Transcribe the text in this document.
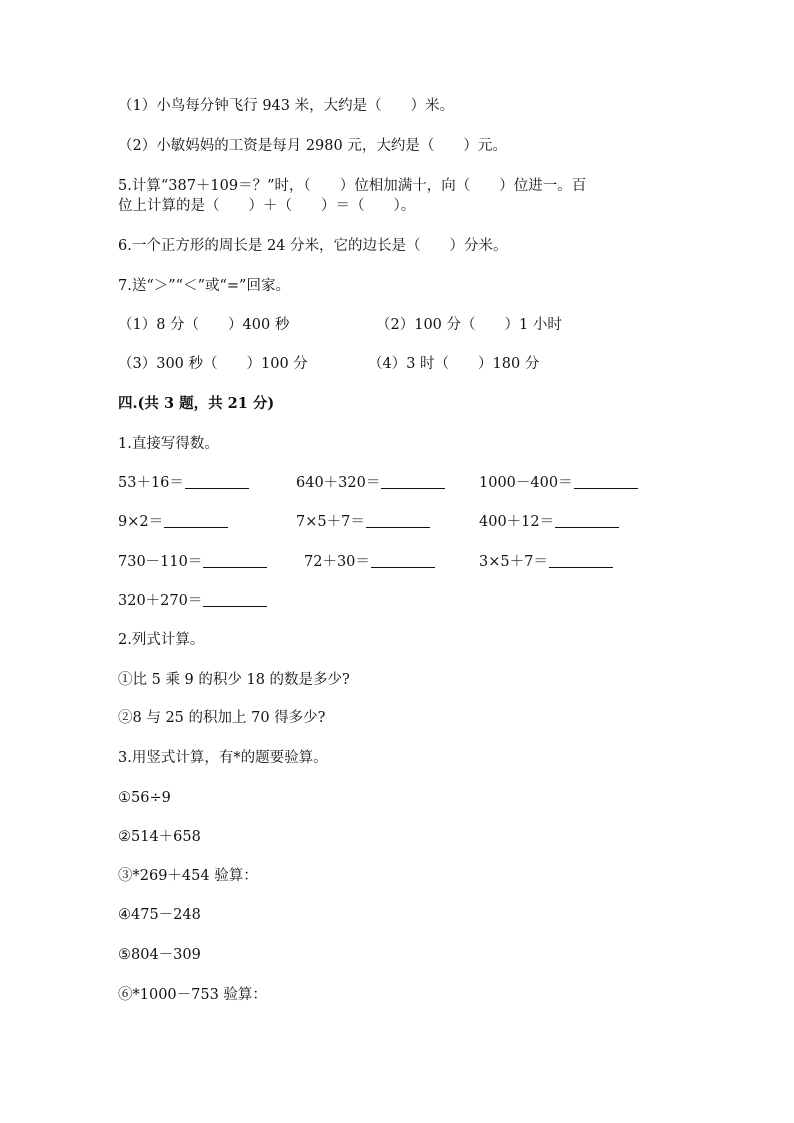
（1）小鸟每分钟飞行 943 米，大约是（　　）米。
（2）小敏妈妈的工资是每月 2980 元，大约是（　　）元。
5.计算“387＋109＝？”时，（　　）位相加满十，向（　　）位进一。百
位上计算的是（　　）＋（　　）＝（　　）。
6.一个正方形的周长是 24 分米，它的边长是（　　）分米。
7.送“＞”“＜”或“=”回家。
（1）8 分（　　）400 秒	（2）100 分（　　）1 小时
（3）300 秒（　　）100 分	（4）3 时（　　）180 分
四.(共 3 题，共 21 分)
1.直接写得数。
53＋16＝	640＋320＝	1000－400＝
9×2＝	7×5＋7＝	400＋12＝
730－110＝	72＋30＝	3×5＋7＝
320＋270＝
2.列式计算。
①比 5 乘 9 的积少 18 的数是多少?
②8 与 25 的积加上 70 得多少?
3.用竖式计算，有*的题要验算。
①56÷9
②514＋658
③*269＋454 验算：
④475－248
⑤804－309
⑥*1000－753 验算：
